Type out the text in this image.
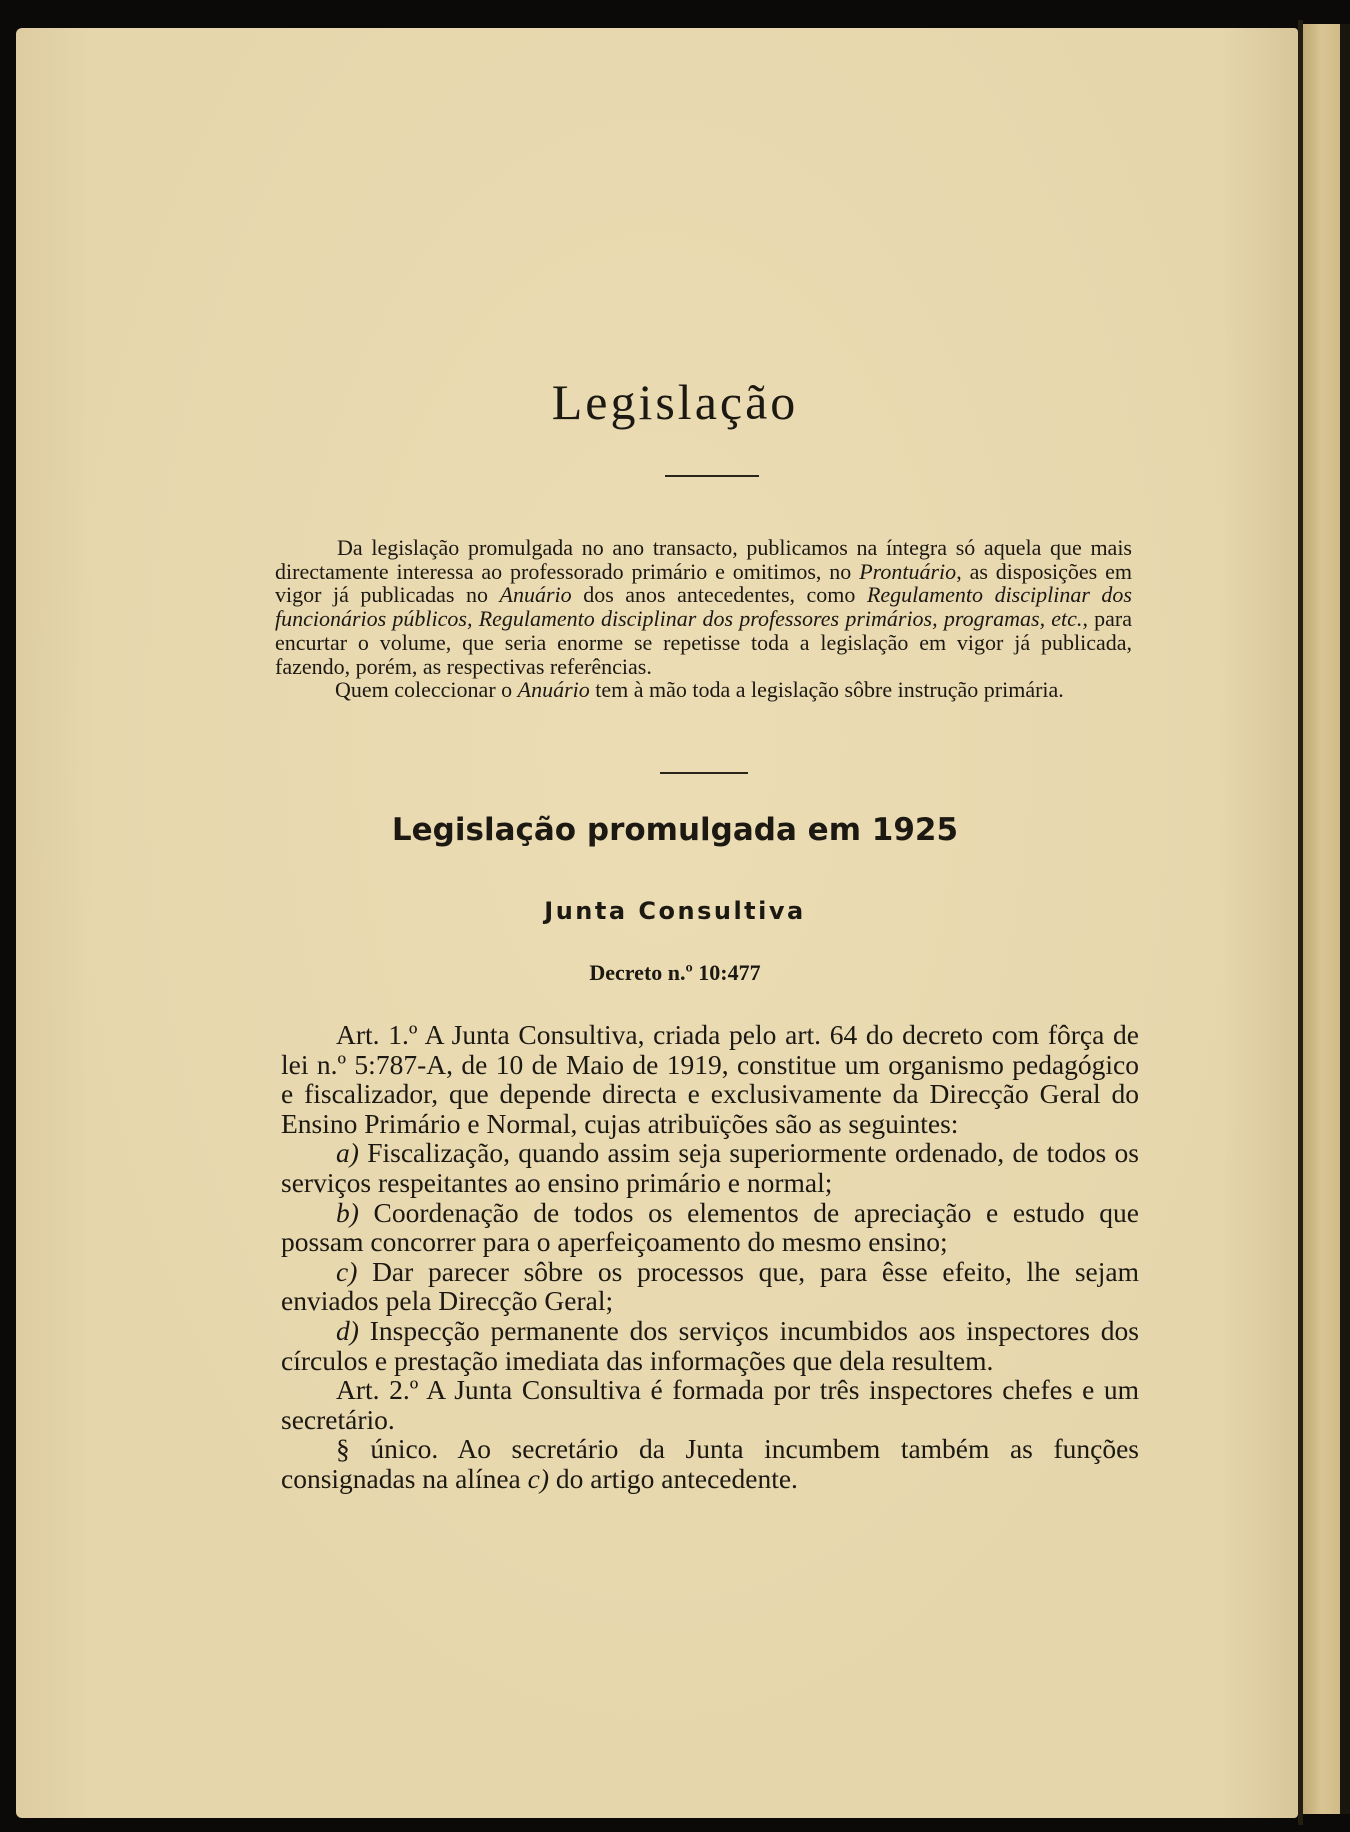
Legislação

Da legislação promulgada no ano transacto, publicamos na íntegra só aquela que mais directamente interessa ao professorado primário e omitimos, no Prontuário, as disposições em vigor já publicadas no Anuário dos anos antecedentes, como Regulamento disciplinar dos funcionários públicos, Regulamento disciplinar dos professores primários, programas, etc., para encurtar o volume, que seria enorme se repetisse toda a legislação em vigor já publicada, fazendo, porém, as respectivas referências.

Quem coleccionar o Anuário tem à mão toda a legislação sôbre instrução primária.

Legislação promulgada em 1925
Junta Consultiva
Decreto n.º 10:477

Art. 1.º A Junta Consultiva, criada pelo art. 64 do decreto com fôrça de lei n.º 5:787-A, de 10 de Maio de 1919, constitue um organismo pedagógico e fiscalizador, que depende directa e exclusivamente da Direcção Geral do Ensino Primário e Normal, cujas atribuïções são as seguintes:

a) Fiscalização, quando assim seja superiormente ordenado, de todos os serviços respeitantes ao ensino primário e normal;

b) Coordenação de todos os elementos de apreciação e estudo que possam concorrer para o aperfeiçoamento do mesmo ensino;

c) Dar parecer sôbre os processos que, para êsse efeito, lhe sejam enviados pela Direcção Geral;

d) Inspecção permanente dos serviços incumbidos aos inspectores dos círculos e prestação imediata das informações que dela resultem.

Art. 2.º A Junta Consultiva é formada por três inspectores chefes e um secretário.

§ único. Ao secretário da Junta incumbem também as funções consignadas na alínea c) do artigo antecedente.
